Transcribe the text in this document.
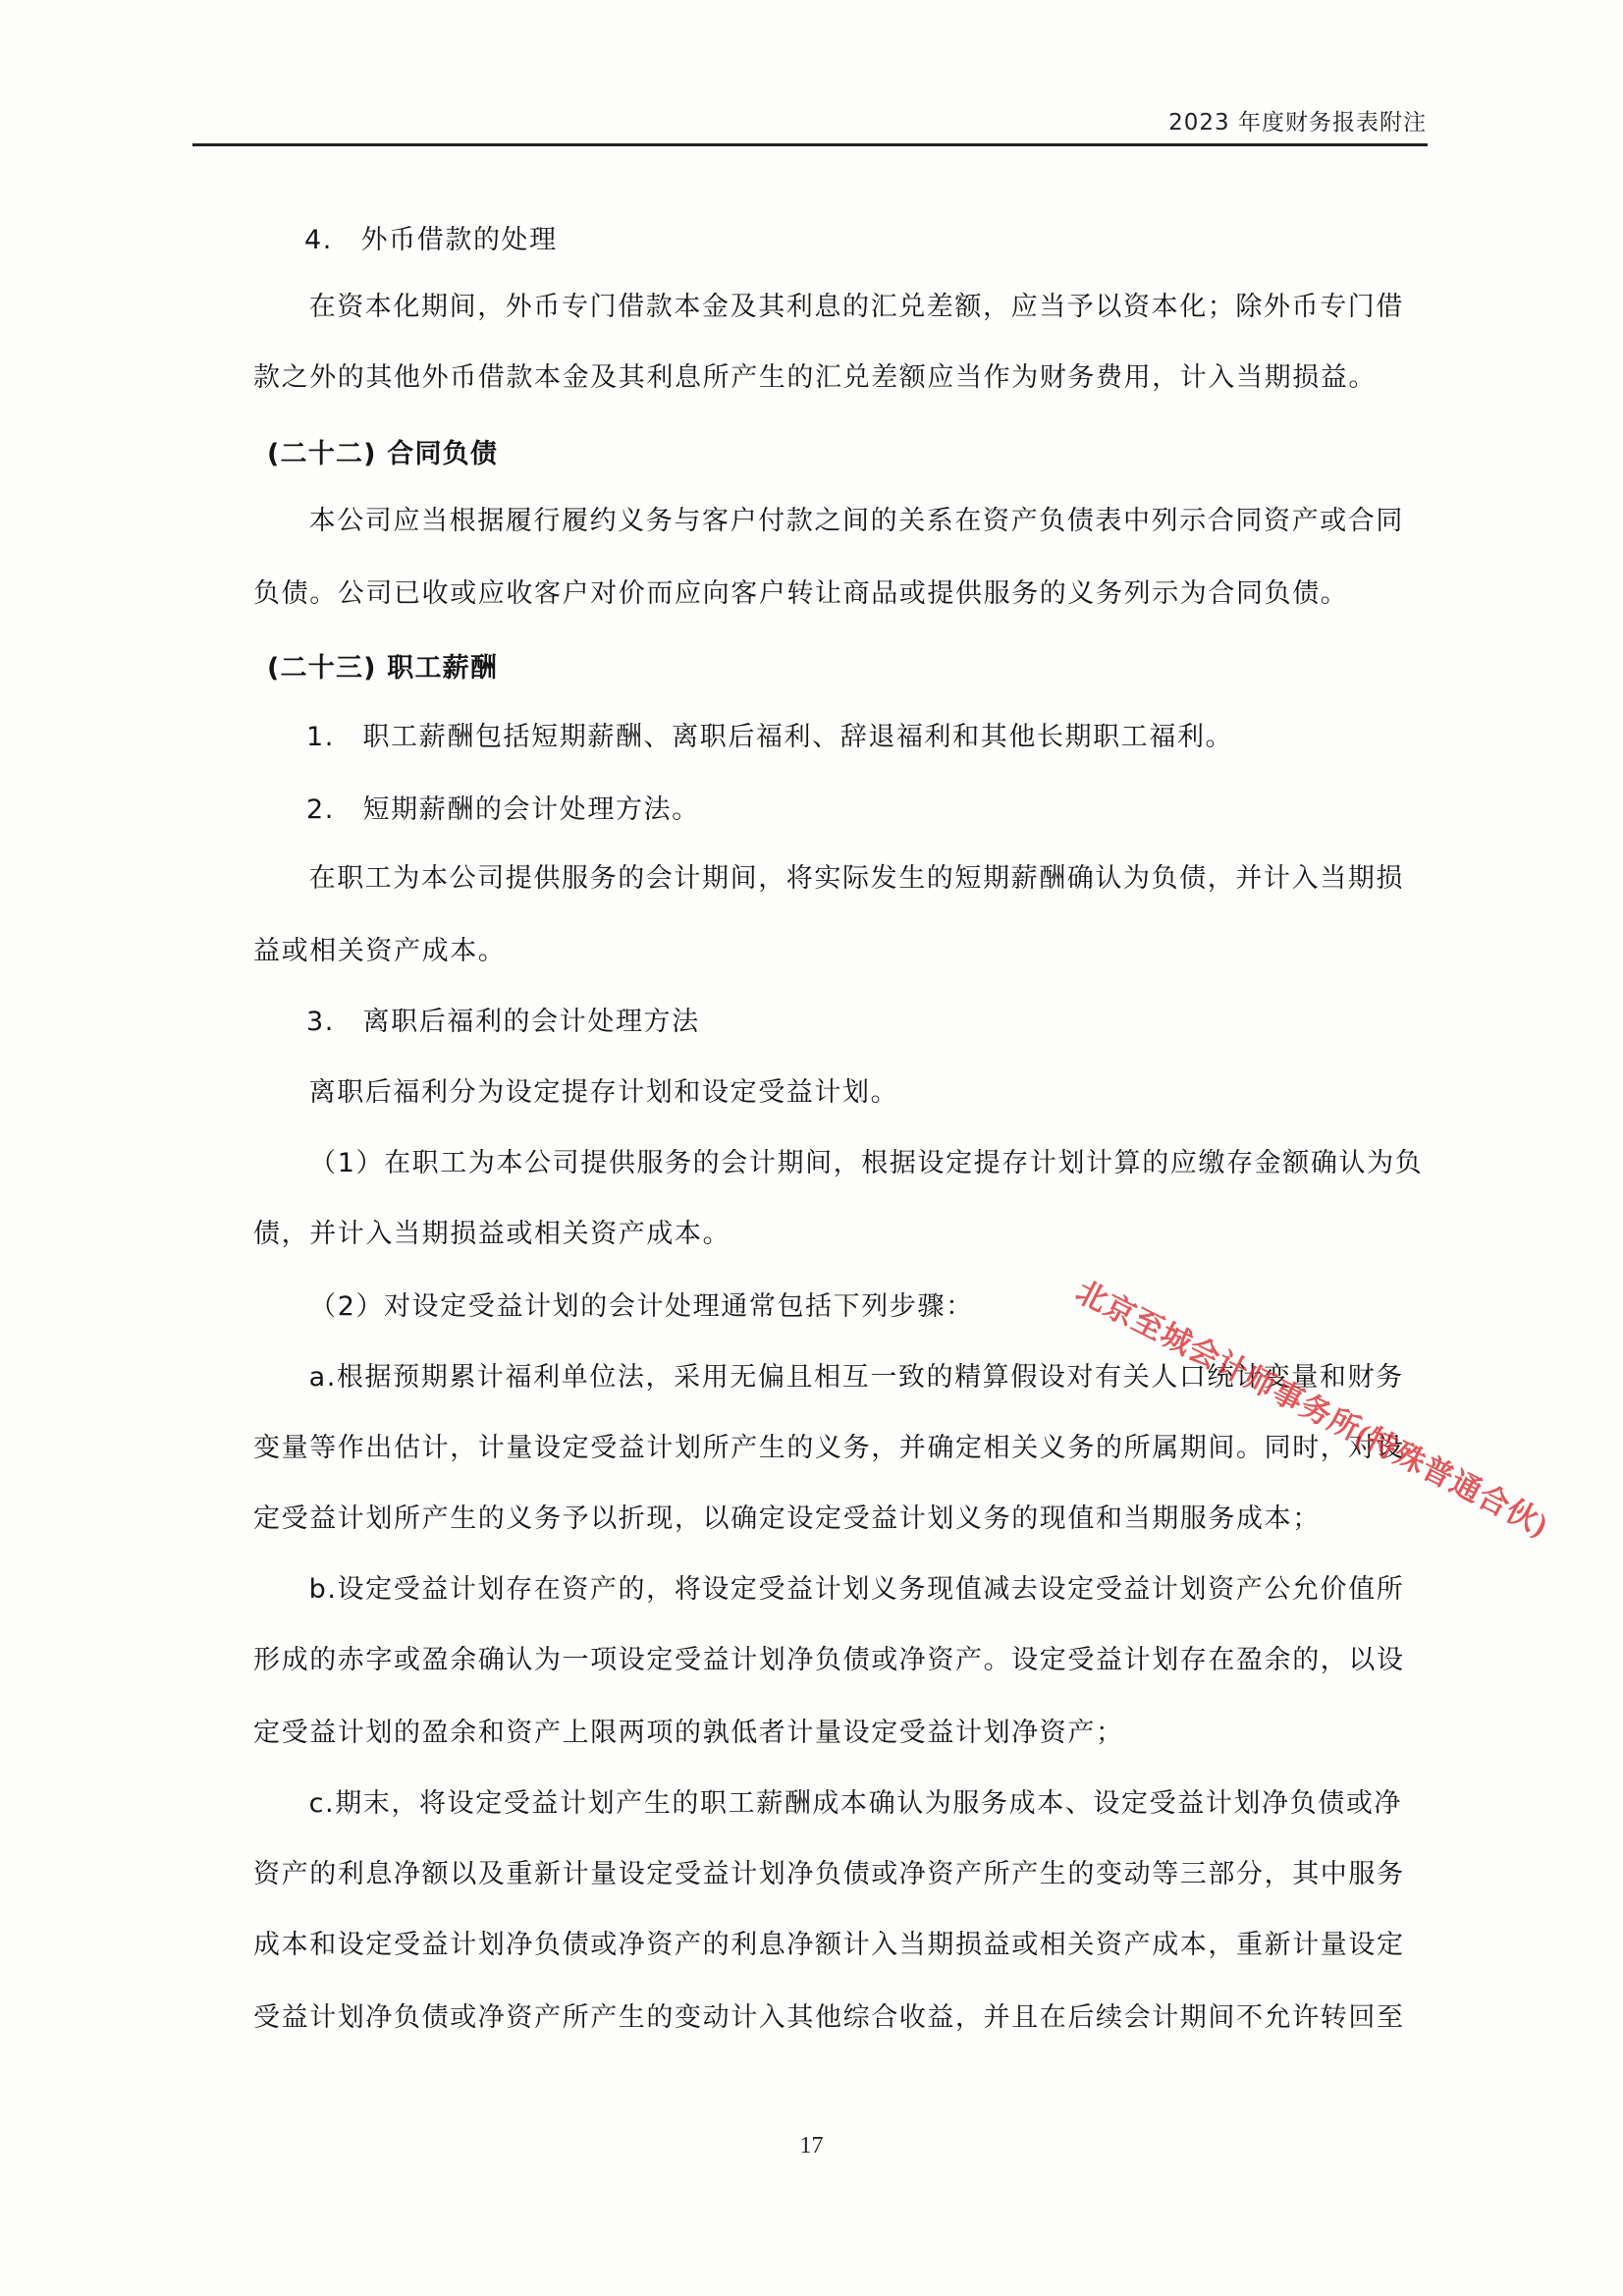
2023 年度财务报表附注
4.　外币借款的处理
　在资本化期间，外币专门借款本金及其利息的汇兑差额，应当予以资本化；除外币专门借
款之外的其他外币借款本金及其利息所产生的汇兑差额应当作为财务费用，计入当期损益。
(二十二) 合同负债
　本公司应当根据履行履约义务与客户付款之间的关系在资产负债表中列示合同资产或合同
负债。公司已收或应收客户对价而应向客户转让商品或提供服务的义务列示为合同负债。
(二十三) 职工薪酬
1.　职工薪酬包括短期薪酬、离职后福利、辞退福利和其他长期职工福利。
2.　短期薪酬的会计处理方法。
　在职工为本公司提供服务的会计期间，将实际发生的短期薪酬确认为负债，并计入当期损
益或相关资产成本。
3.　离职后福利的会计处理方法
　离职后福利分为设定提存计划和设定受益计划。
　（1）在职工为本公司提供服务的会计期间，根据设定提存计划计算的应缴存金额确认为负
债，并计入当期损益或相关资产成本。
　（2）对设定受益计划的会计处理通常包括下列步骤：
　a.根据预期累计福利单位法，采用无偏且相互一致的精算假设对有关人口统计变量和财务
变量等作出估计，计量设定受益计划所产生的义务，并确定相关义务的所属期间。同时，对设
定受益计划所产生的义务予以折现，以确定设定受益计划义务的现值和当期服务成本；
　b.设定受益计划存在资产的，将设定受益计划义务现值减去设定受益计划资产公允价值所
形成的赤字或盈余确认为一项设定受益计划净负债或净资产。设定受益计划存在盈余的，以设
定受益计划的盈余和资产上限两项的孰低者计量设定受益计划净资产；
　c.期末，将设定受益计划产生的职工薪酬成本确认为服务成本、设定受益计划净负债或净
资产的利息净额以及重新计量设定受益计划净负债或净资产所产生的变动等三部分，其中服务
成本和设定受益计划净负债或净资产的利息净额计入当期损益或相关资产成本，重新计量设定
受益计划净负债或净资产所产生的变动计入其他综合收益，并且在后续会计期间不允许转回至
北京至城会计师事务所(特殊普通合伙)
17
